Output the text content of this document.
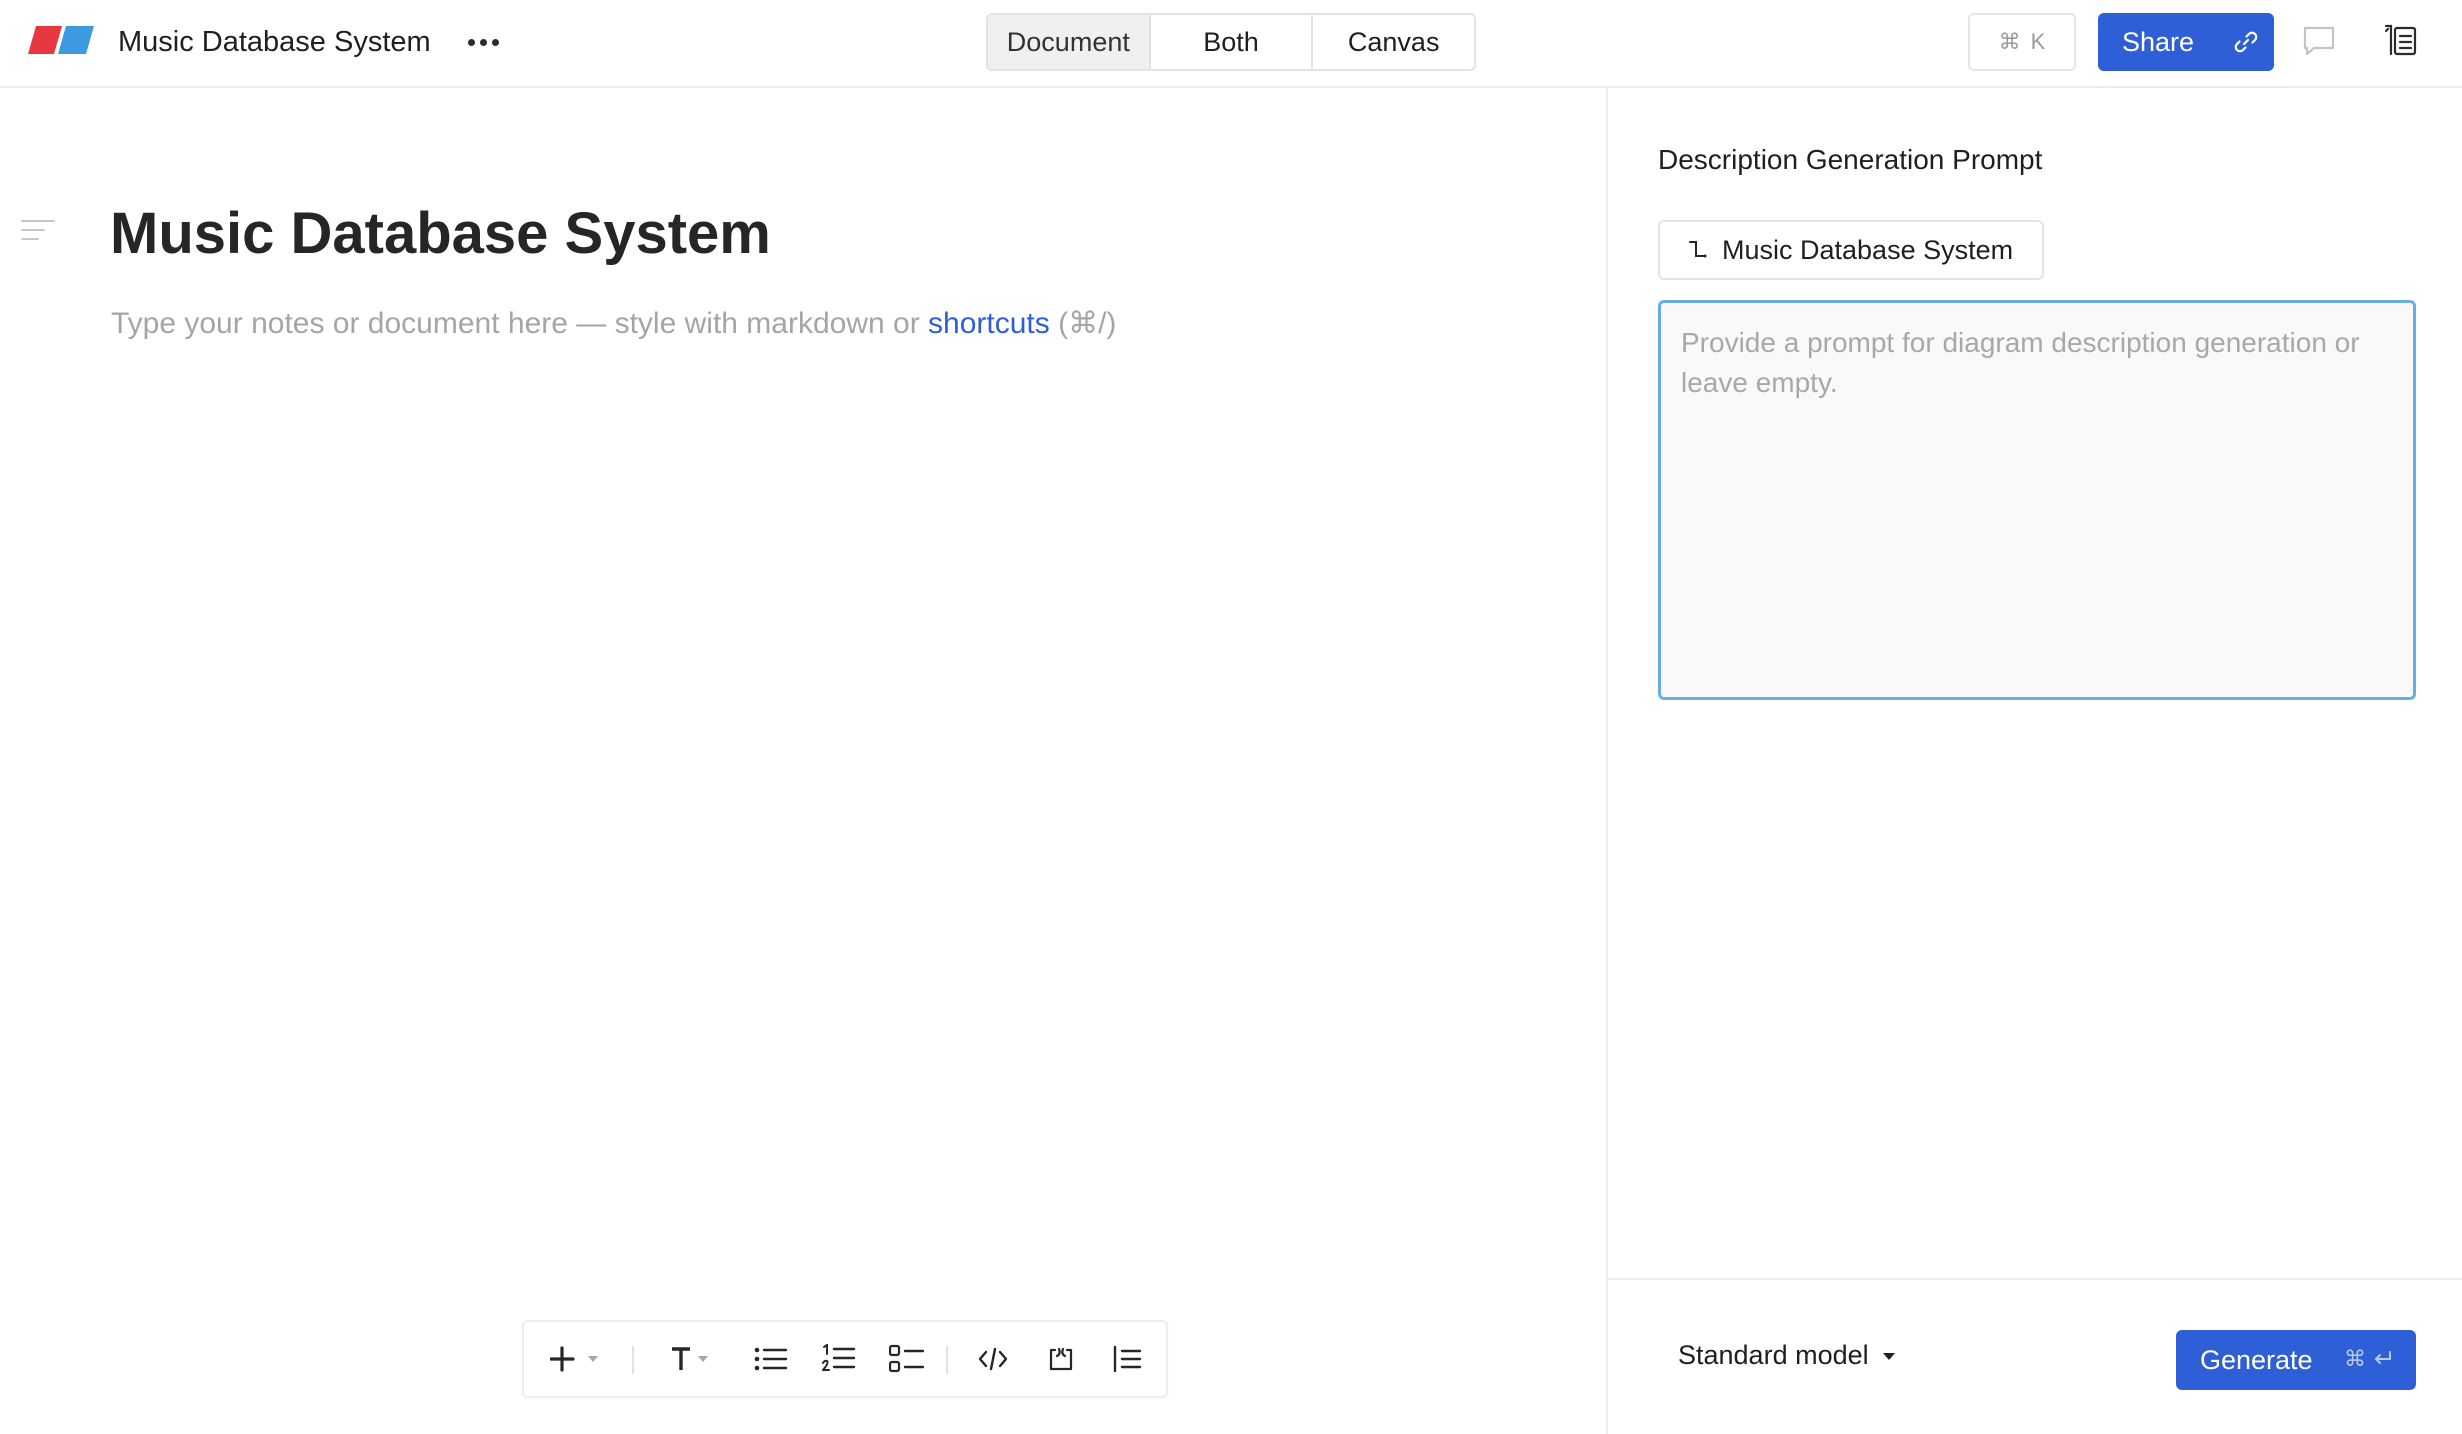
Music Database System	Document	Both	Canvas	⌘ K	Share
Music Database System
Type your notes or document here — style with markdown or shortcuts (⌘/)
Description Generation Prompt
Music Database System
Provide a prompt for diagram description generation or leave empty.
Standard model	Generate ⌘
